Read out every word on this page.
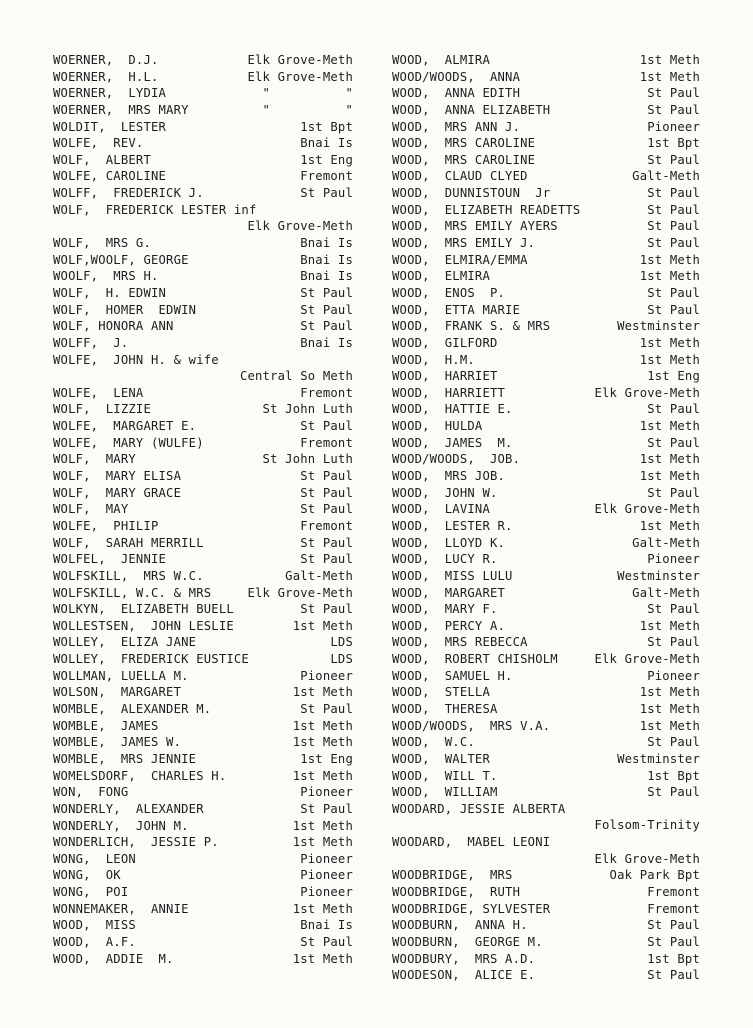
WOERNER,  D.J.	Elk Grove-Meth
WOERNER,  H.L.	Elk Grove-Meth
WOERNER,  LYDIA	"          "
WOERNER,  MRS MARY	"          "
WOLDIT,  LESTER	1st Bpt
WOLFE,  REV.	Bnai Is
WOLF,  ALBERT	1st Eng
WOLFE, CAROLINE	Fremont
WOLFF,  FREDERICK J.	St Paul
WOLF,  FREDERICK LESTER inf
Elk Grove-Meth
WOLF,  MRS G.	Bnai Is
WOLF,WOOLF, GEORGE	Bnai Is
WOOLF,  MRS H.	Bnai Is
WOLF,  H. EDWIN	St Paul
WOLF,  HOMER  EDWIN	St Paul
WOLF, HONORA ANN	St Paul
WOLFF,  J.	Bnai Is
WOLFE,  JOHN H. & wife
Central So Meth
WOLFE,  LENA	Fremont
WOLF,  LIZZIE	St John Luth
WOLFE,  MARGARET E.	St Paul
WOLFE,  MARY (WULFE)	Fremont
WOLF,  MARY	St John Luth
WOLF,  MARY ELISA	St Paul
WOLF,  MARY GRACE	St Paul
WOLF,  MAY	St Paul
WOLFE,  PHILIP	Fremont
WOLF,  SARAH MERRILL	St Paul
WOLFEL,  JENNIE	St Paul
WOLFSKILL,  MRS W.C.	Galt-Meth
WOLFSKILL, W.C. & MRS	Elk Grove-Meth
WOLKYN,  ELIZABETH BUELL	St Paul
WOLLESTSEN,  JOHN LESLIE	1st Meth
WOLLEY,  ELIZA JANE	LDS
WOLLEY,  FREDERICK EUSTICE	LDS
WOLLMAN, LUELLA M.	Pioneer
WOLSON,  MARGARET	1st Meth
WOMBLE,  ALEXANDER M.	St Paul
WOMBLE,  JAMES	1st Meth
WOMBLE,  JAMES W.	1st Meth
WOMBLE,  MRS JENNIE	1st Eng
WOMELSDORF,  CHARLES H.	1st Meth
WON,  FONG	Pioneer
WONDERLY,  ALEXANDER	St Paul
WONDERLY,  JOHN M.	1st Meth
WONDERLICH,  JESSIE P.	1st Meth
WONG,  LEON	Pioneer
WONG,  OK	Pioneer
WONG,  POI	Pioneer
WONNEMAKER,  ANNIE	1st Meth
WOOD,  MISS	Bnai Is
WOOD,  A.F.	St Paul
WOOD,  ADDIE  M.	1st Meth
WOOD,  ALMIRA	1st Meth
WOOD/WOODS,  ANNA	1st Meth
WOOD,  ANNA EDITH	St Paul
WOOD,  ANNA ELIZABETH	St Paul
WOOD,  MRS ANN J.	Pioneer
WOOD,  MRS CAROLINE	1st Bpt
WOOD,  MRS CAROLINE	St Paul
WOOD,  CLAUD CLYED	Galt-Meth
WOOD,  DUNNISTOUN  Jr	St Paul
WOOD,  ELIZABETH READETTS	St Paul
WOOD,  MRS EMILY AYERS	St Paul
WOOD,  MRS EMILY J.	St Paul
WOOD,  ELMIRA/EMMA	1st Meth
WOOD,  ELMIRA	1st Meth
WOOD,  ENOS  P.	St Paul
WOOD,  ETTA MARIE	St Paul
WOOD,  FRANK S. & MRS	Westminster
WOOD,  GILFORD	1st Meth
WOOD,  H.M.	1st Meth
WOOD,  HARRIET	1st Eng
WOOD,  HARRIETT	Elk Grove-Meth
WOOD,  HATTIE E.	St Paul
WOOD,  HULDA	1st Meth
WOOD,  JAMES  M.	St Paul
WOOD/WOODS,  JOB.	1st Meth
WOOD,  MRS JOB.	1st Meth
WOOD,  JOHN W.	St Paul
WOOD,  LAVINA	Elk Grove-Meth
WOOD,  LESTER R.	1st Meth
WOOD,  LLOYD K.	Galt-Meth
WOOD,  LUCY R.	Pioneer
WOOD,  MISS LULU	Westminster
WOOD,  MARGARET	Galt-Meth
WOOD,  MARY F.	St Paul
WOOD,  PERCY A.	1st Meth
WOOD,  MRS REBECCA	St Paul
WOOD,  ROBERT CHISHOLM	Elk Grove-Meth
WOOD,  SAMUEL H.	Pioneer
WOOD,  STELLA	1st Meth
WOOD,  THERESA	1st Meth
WOOD/WOODS,  MRS V.A.	1st Meth
WOOD,  W.C.	St Paul
WOOD,  WALTER	Westminster
WOOD,  WILL T.	1st Bpt
WOOD,  WILLIAM	St Paul
WOODARD, JESSIE ALBERTA
Folsom-Trinity
WOODARD,  MABEL LEONI
Elk Grove-Meth
WOODBRIDGE,  MRS	Oak Park Bpt
WOODBRIDGE,  RUTH	Fremont
WOODBRIDGE, SYLVESTER	Fremont
WOODBURN,  ANNA H.	St Paul
WOODBURN,  GEORGE M.	St Paul
WOODBURY,  MRS A.D.	1st Bpt
WOODESON,  ALICE E.	St Paul
